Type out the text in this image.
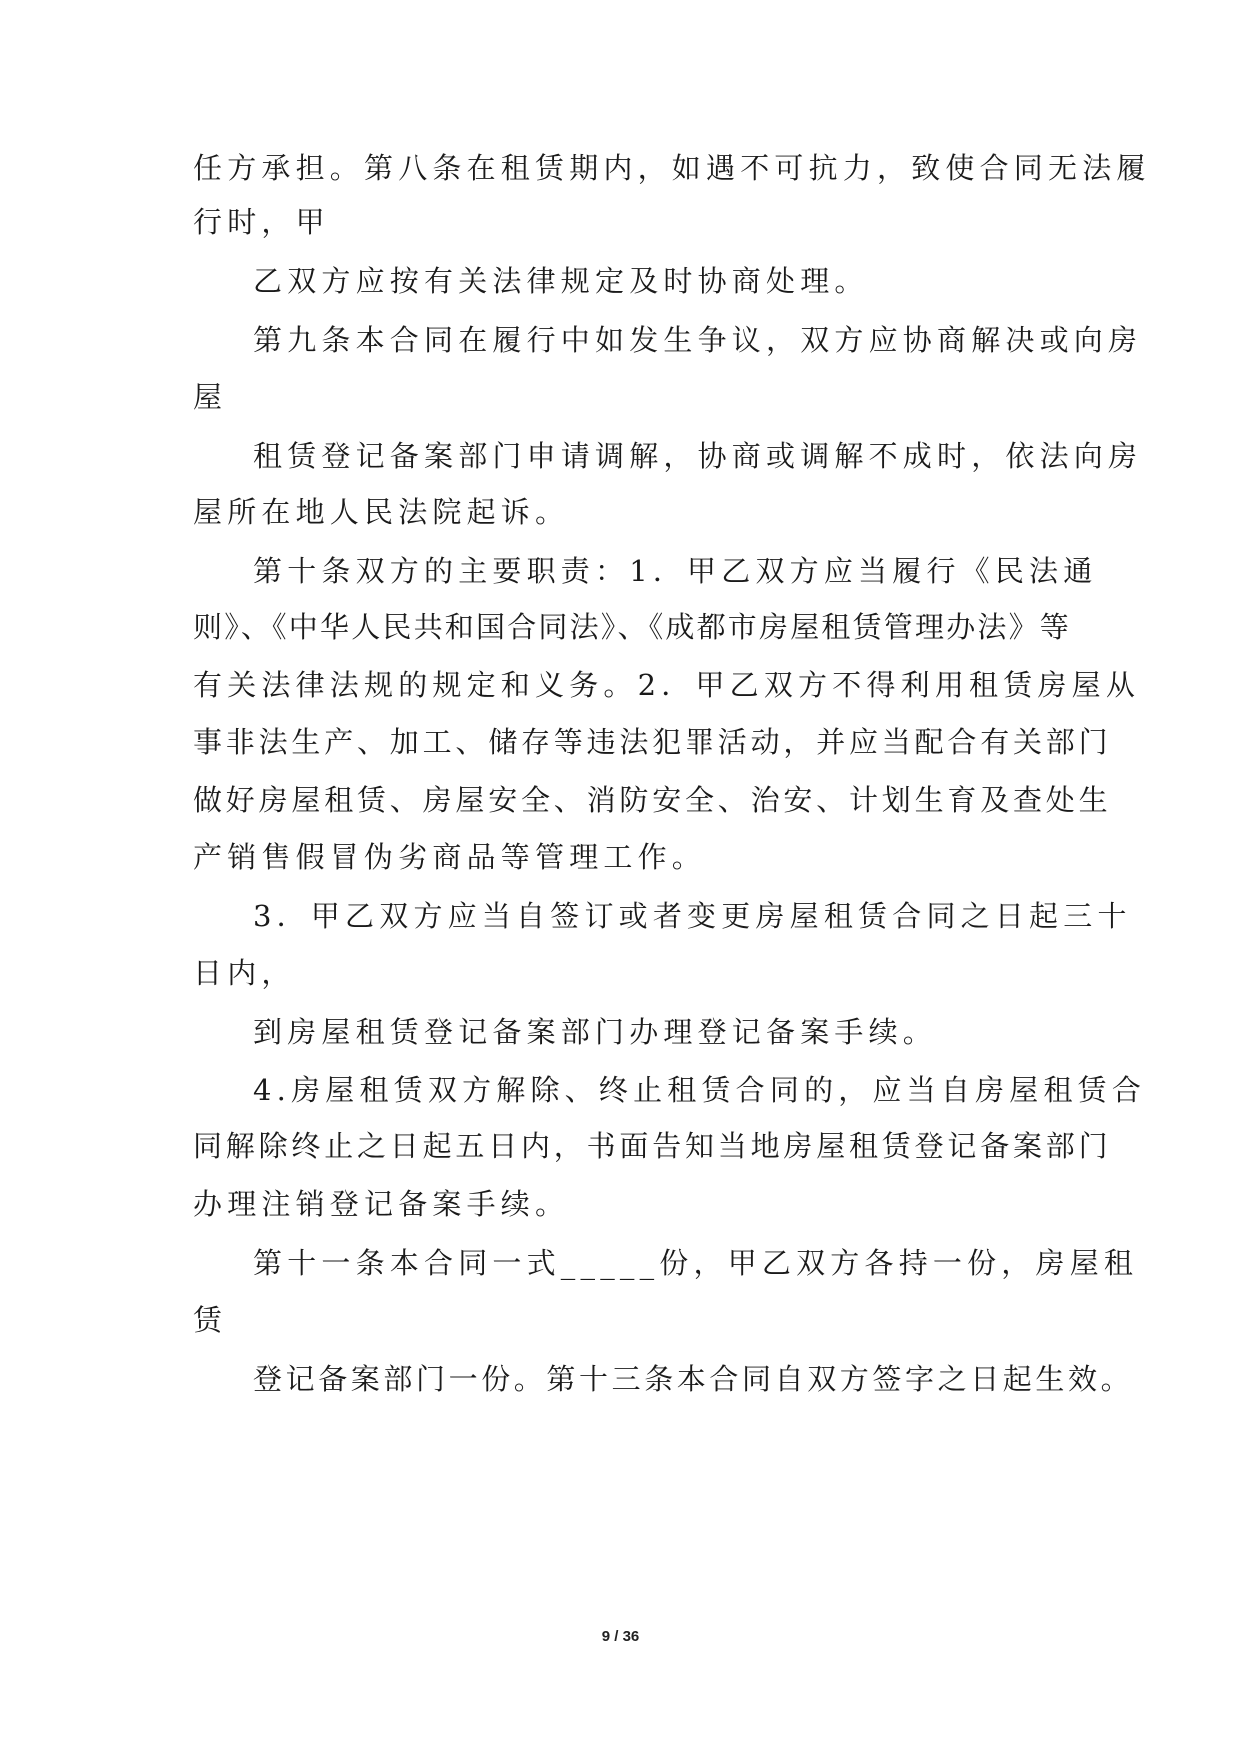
任方承担。第八条在租赁期内，如遇不可抗力，致使合同无法履
行时，甲
乙双方应按有关法律规定及时协商处理。
第九条本合同在履行中如发生争议，双方应协商解决或向房
屋
租赁登记备案部门申请调解，协商或调解不成时，依法向房
屋所在地人民法院起诉。
第十条双方的主要职责：1．甲乙双方应当履行《民法通
则》、《中华人民共和国合同法》、《成都市房屋租赁管理办法》等
有关法律法规的规定和义务。2．甲乙双方不得利用租赁房屋从
事非法生产、加工、储存等违法犯罪活动，并应当配合有关部门
做好房屋租赁、房屋安全、消防安全、治安、计划生育及查处生
产销售假冒伪劣商品等管理工作。
3．甲乙双方应当自签订或者变更房屋租赁合同之日起三十
日内，
到房屋租赁登记备案部门办理登记备案手续。
4.房屋租赁双方解除、终止租赁合同的，应当自房屋租赁合
同解除终止之日起五日内，书面告知当地房屋租赁登记备案部门
办理注销登记备案手续。
第十一条本合同一式_____份，甲乙双方各持一份，房屋租
赁
登记备案部门一份。第十三条本合同自双方签字之日起生效。
9 / 36
